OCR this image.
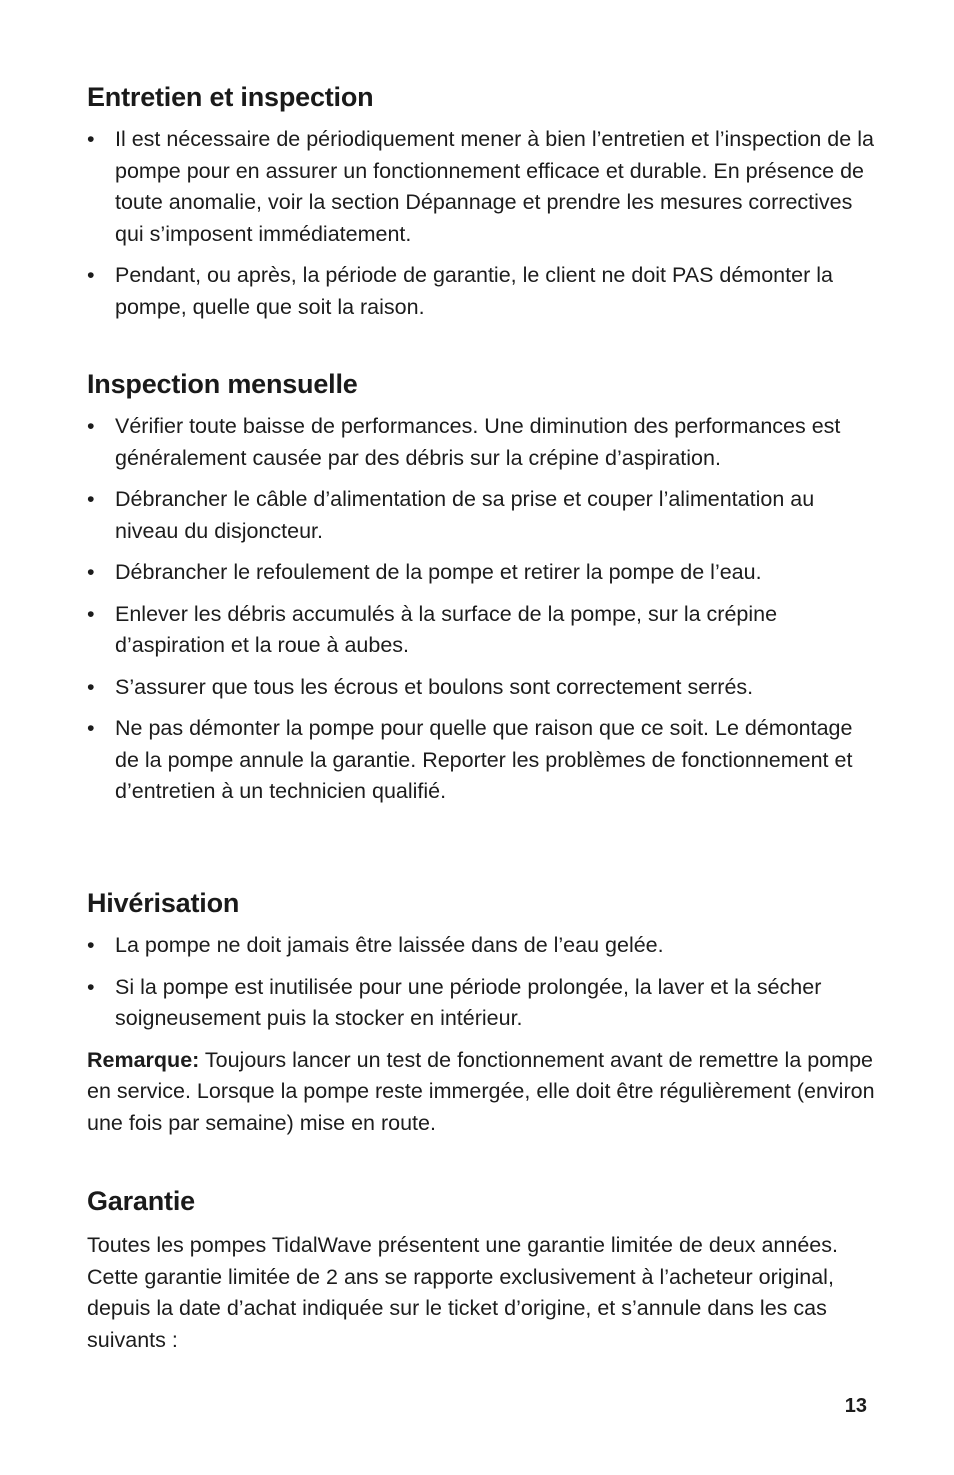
Entretien et inspection
• Il est nécessaire de périodiquement mener à bien l’entretien et l’inspection de la pompe pour en assurer un fonctionnement efficace et durable. En présence de toute anomalie, voir la section Dépannage et prendre les mesures correctives qui s’imposent immédiatement.
• Pendant, ou après, la période de garantie, le client ne doit PAS démonter la pompe, quelle que soit la raison.
Inspection mensuelle
• Vérifier toute baisse de performances. Une diminution des performances est généralement causée par des débris sur la crépine d’aspiration.
• Débrancher le câble d’alimentation de sa prise et couper l’alimentation au niveau du disjoncteur.
• Débrancher le refoulement de la pompe et retirer la pompe de l’eau.
• Enlever les débris accumulés à la surface de la pompe, sur la crépine d’aspiration et la roue à aubes.
• S’assurer que tous les écrous et boulons sont correctement serrés.
• Ne pas démonter la pompe pour quelle que raison que ce soit. Le démontage de la pompe annule la garantie. Reporter les problèmes de fonctionnement et d’entretien à un technicien qualifié.
Hivérisation
• La pompe ne doit jamais être laissée dans de l’eau gelée.
• Si la pompe est inutilisée pour une période prolongée, la laver et la sécher soigneusement puis la stocker en intérieur.

Remarque: Toujours lancer un test de fonctionnement avant de remettre la pompe en service. Lorsque la pompe reste immergée, elle doit être régulièrement (environ une fois par semaine) mise en route.

Garantie

Toutes les pompes TidalWave présentent une garantie limitée de deux années. Cette garantie limitée de 2 ans se rapporte exclusivement à l’acheteur original, depuis la date d’achat indiquée sur le ticket d’origine, et s’annule dans les cas suivants :

13
